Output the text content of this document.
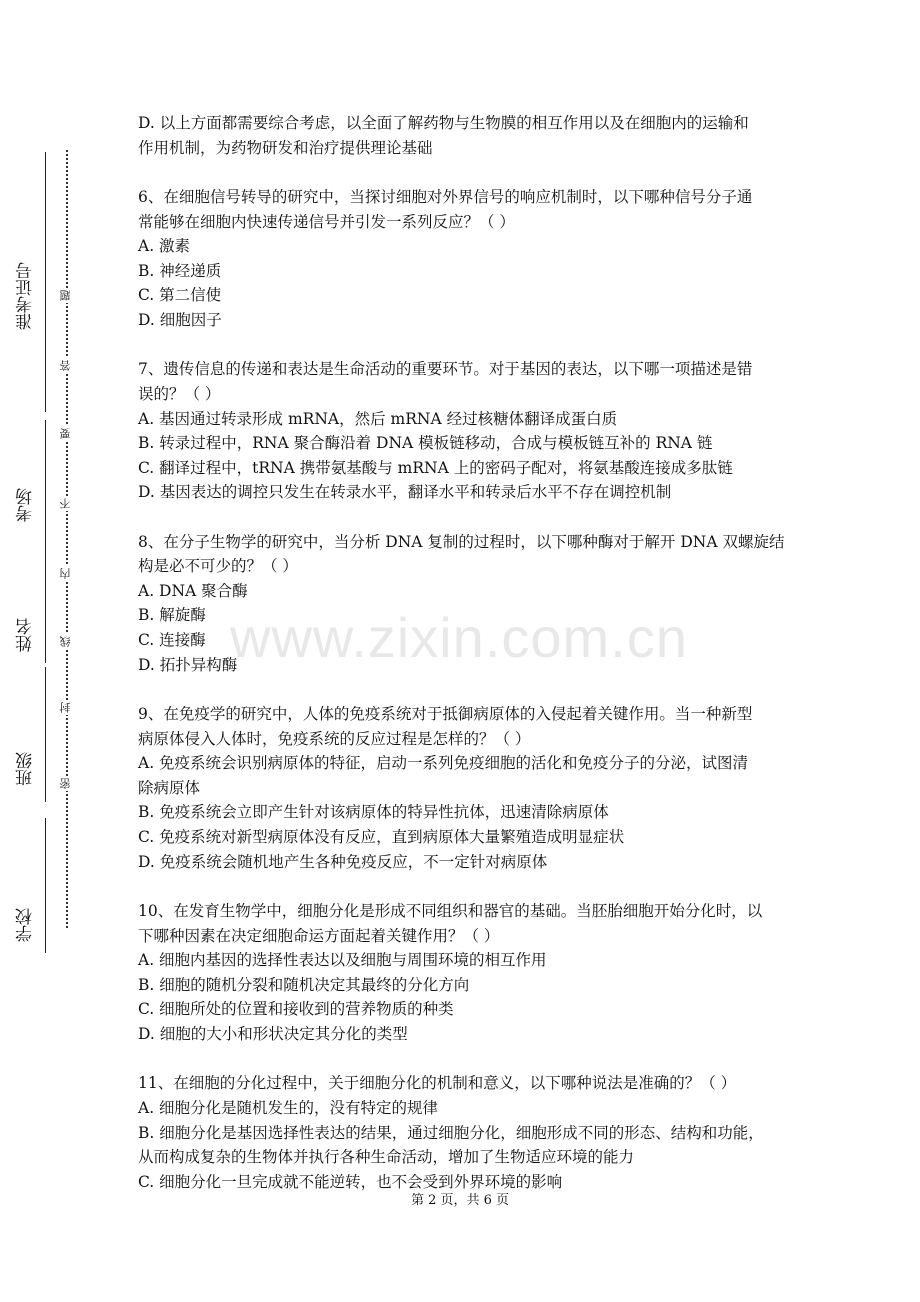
准考证号
考场
姓名
班级
学校
密
封
线
内
不
要
答
题

D. 以上方面都需要综合考虑，以全面了解药物与生物膜的相互作用以及在细胞内的运输和

作用机制，为药物研发和治疗提供理论基础

6、在细胞信号转导的研究中，当探讨细胞对外界信号的响应机制时，以下哪种信号分子通

常能够在细胞内快速传递信号并引发一系列反应？（ ）

A. 激素

B. 神经递质

C. 第二信使

D. 细胞因子

7、遗传信息的传递和表达是生命活动的重要环节。对于基因的表达，以下哪一项描述是错

误的？（ ）

A. 基因通过转录形成 mRNA，然后 mRNA 经过核糖体翻译成蛋白质

B. 转录过程中，RNA 聚合酶沿着 DNA 模板链移动，合成与模板链互补的 RNA 链

C. 翻译过程中，tRNA 携带氨基酸与 mRNA 上的密码子配对，将氨基酸连接成多肽链

D. 基因表达的调控只发生在转录水平，翻译水平和转录后水平不存在调控机制

8、在分子生物学的研究中，当分析 DNA 复制的过程时，以下哪种酶对于解开 DNA 双螺旋结

构是必不可少的？（ ）

A. DNA 聚合酶

B. 解旋酶

C. 连接酶

D. 拓扑异构酶

9、在免疫学的研究中，人体的免疫系统对于抵御病原体的入侵起着关键作用。当一种新型

病原体侵入人体时，免疫系统的反应过程是怎样的？（ ）

A. 免疫系统会识别病原体的特征，启动一系列免疫细胞的活化和免疫分子的分泌，试图清

除病原体

B. 免疫系统会立即产生针对该病原体的特异性抗体，迅速清除病原体

C. 免疫系统对新型病原体没有反应，直到病原体大量繁殖造成明显症状

D. 免疫系统会随机地产生各种免疫反应，不一定针对病原体

10、在发育生物学中，细胞分化是形成不同组织和器官的基础。当胚胎细胞开始分化时，以

下哪种因素在决定细胞命运方面起着关键作用？（ ）

A. 细胞内基因的选择性表达以及细胞与周围环境的相互作用

B. 细胞的随机分裂和随机决定其最终的分化方向

C. 细胞所处的位置和接收到的营养物质的种类

D. 细胞的大小和形状决定其分化的类型

11、在细胞的分化过程中，关于细胞分化的机制和意义，以下哪种说法是准确的？（ ）

A. 细胞分化是随机发生的，没有特定的规律

B. 细胞分化是基因选择性表达的结果，通过细胞分化，细胞形成不同的形态、结构和功能，

从而构成复杂的生物体并执行各种生命活动，增加了生物适应环境的能力

C. 细胞分化一旦完成就不能逆转，也不会受到外界环境的影响

www.zixin.com.cn
第 2 页，共 6 页
